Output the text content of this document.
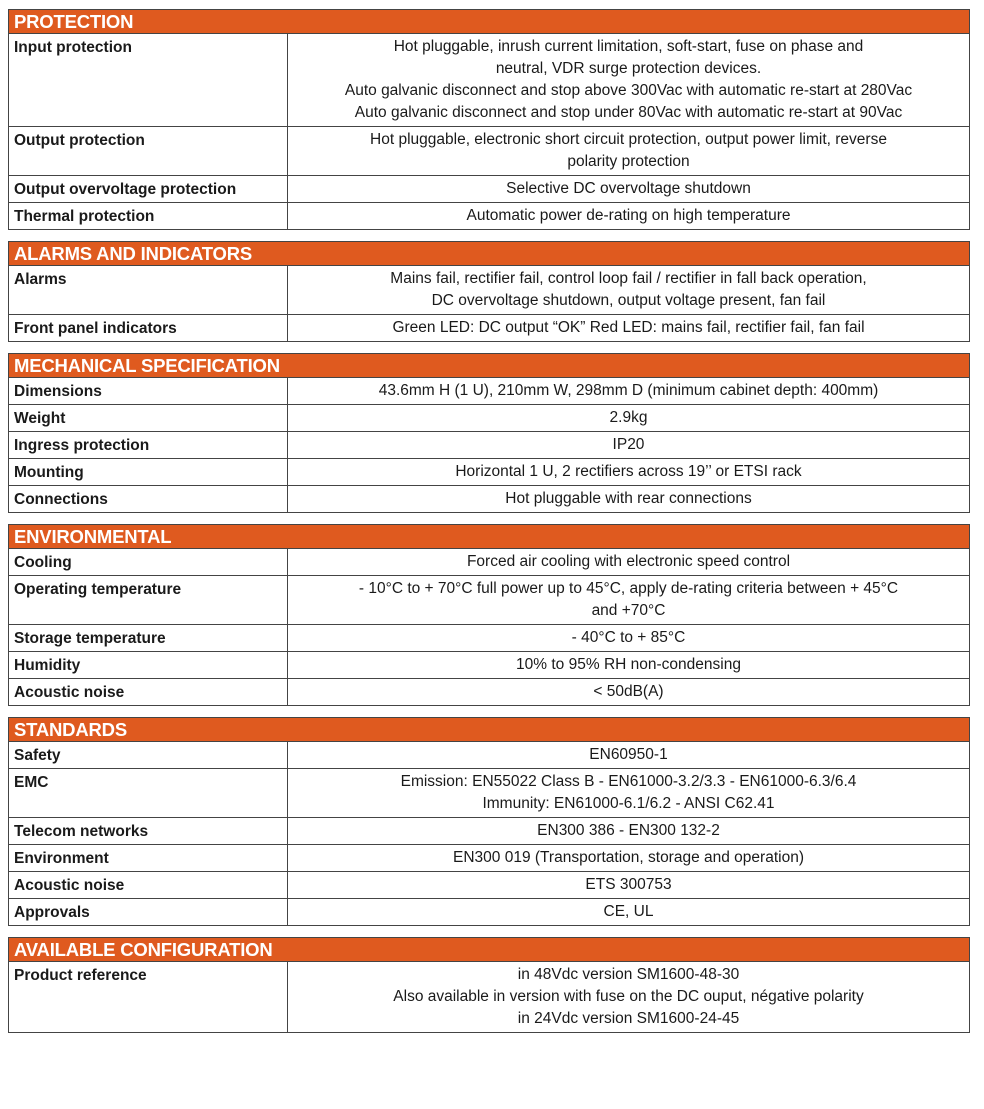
PROTECTION
Input protection	Hot pluggable, inrush current limitation, soft-start, fuse on phase and
neutral, VDR surge protection devices.
Auto galvanic disconnect and stop above 300Vac with automatic re-start at 280Vac
Auto galvanic disconnect and stop under 80Vac with automatic re-start at 90Vac
Output protection	Hot pluggable, electronic short circuit protection, output power limit, reverse
polarity protection
Output overvoltage protection	Selective DC overvoltage shutdown
Thermal protection	Automatic power de-rating on high temperature
ALARMS AND INDICATORS
Alarms	Mains fail, rectifier fail, control loop fail / rectifier in fall back operation,
DC overvoltage shutdown, output voltage present, fan fail
Front panel indicators	Green LED: DC output “OK” Red LED: mains fail, rectifier fail, fan fail
MECHANICAL SPECIFICATION
Dimensions	43.6mm H (1 U), 210mm W, 298mm D (minimum cabinet depth: 400mm)
Weight	2.9kg
Ingress protection	IP20
Mounting	Horizontal 1 U, 2 rectifiers across 19’’ or ETSI rack
Connections	Hot pluggable with rear connections
ENVIRONMENTAL
Cooling	Forced air cooling with electronic speed control
Operating temperature	- 10°C to + 70°C full power up to 45°C, apply de-rating criteria between + 45°C
and +70°C
Storage temperature	- 40°C to + 85°C
Humidity	10% to 95% RH non-condensing
Acoustic noise	< 50dB(A)
STANDARDS
Safety	EN60950-1
EMC	Emission: EN55022 Class B - EN61000-3.2/3.3 - EN61000-6.3/6.4
Immunity: EN61000-6.1/6.2 - ANSI C62.41
Telecom networks	EN300 386 - EN300 132-2
Environment	EN300 019 (Transportation, storage and operation)
Acoustic noise	ETS 300753
Approvals	CE, UL
AVAILABLE CONFIGURATION
Product reference	in 48Vdc version SM1600-48-30
Also available in version with fuse on the DC ouput, négative polarity
in 24Vdc version SM1600-24-45
